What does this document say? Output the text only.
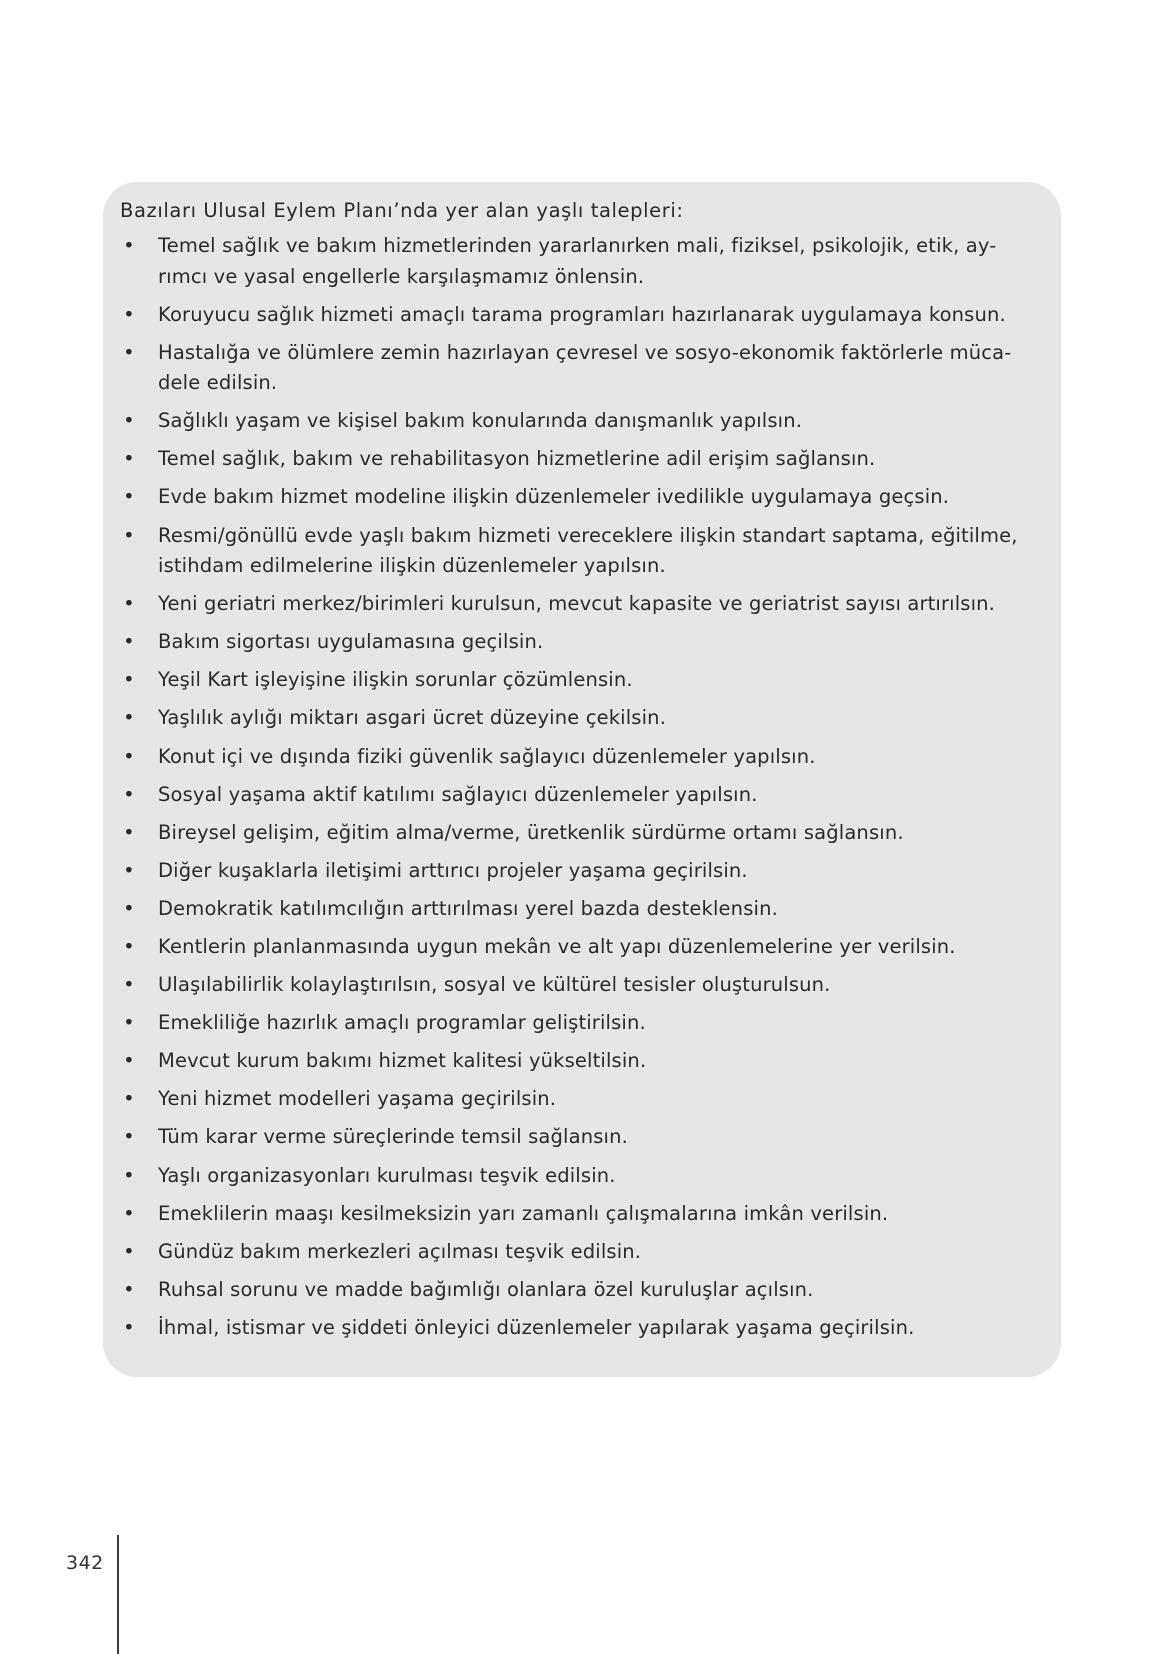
Bazıları Ulusal Eylem Planı’nda yer alan yaşlı talepleri:

• Temel sağlık ve bakım hizmetlerinden yararlanırken mali, fiziksel, psikolojik, etik, ay-rımcı ve yasal engellerle karşılaşmamız önlensin.
• Koruyucu sağlık hizmeti amaçlı tarama programları hazırlanarak uygulamaya konsun.
• Hastalığa ve ölümlere zemin hazırlayan çevresel ve sosyo-ekonomik faktörlerle müca-dele edilsin.
• Sağlıklı yaşam ve kişisel bakım konularında danışmanlık yapılsın.
• Temel sağlık, bakım ve rehabilitasyon hizmetlerine adil erişim sağlansın.
• Evde bakım hizmet modeline ilişkin düzenlemeler ivedilikle uygulamaya geçsin.
• Resmi/gönüllü evde yaşlı bakım hizmeti vereceklere ilişkin standart saptama, eğitilme, istihdam edilmelerine ilişkin düzenlemeler yapılsın.
• Yeni geriatri merkez/birimleri kurulsun, mevcut kapasite ve geriatrist sayısı artırılsın.
• Bakım sigortası uygulamasına geçilsin.
• Yeşil Kart işleyişine ilişkin sorunlar çözümlensin.
• Yaşlılık aylığı miktarı asgari ücret düzeyine çekilsin.
• Konut içi ve dışında fiziki güvenlik sağlayıcı düzenlemeler yapılsın.
• Sosyal yaşama aktif katılımı sağlayıcı düzenlemeler yapılsın.
• Bireysel gelişim, eğitim alma/verme, üretkenlik sürdürme ortamı sağlansın.
• Diğer kuşaklarla iletişimi arttırıcı projeler yaşama geçirilsin.
• Demokratik katılımcılığın arttırılması yerel bazda desteklensin.
• Kentlerin planlanmasında uygun mekân ve alt yapı düzenlemelerine yer verilsin.
• Ulaşılabilirlik kolaylaştırılsın, sosyal ve kültürel tesisler oluşturulsun.
• Emekliliğe hazırlık amaçlı programlar geliştirilsin.
• Mevcut kurum bakımı hizmet kalitesi yükseltilsin.
• Yeni hizmet modelleri yaşama geçirilsin.
• Tüm karar verme süreçlerinde temsil sağlansın.
• Yaşlı organizasyonları kurulması teşvik edilsin.
• Emeklilerin maaşı kesilmeksizin yarı zamanlı çalışmalarına imkân verilsin.
• Gündüz bakım merkezleri açılması teşvik edilsin.
• Ruhsal sorunu ve madde bağımlığı olanlara özel kuruluşlar açılsın.
• İhmal, istismar ve şiddeti önleyici düzenlemeler yapılarak yaşama geçirilsin.
342
